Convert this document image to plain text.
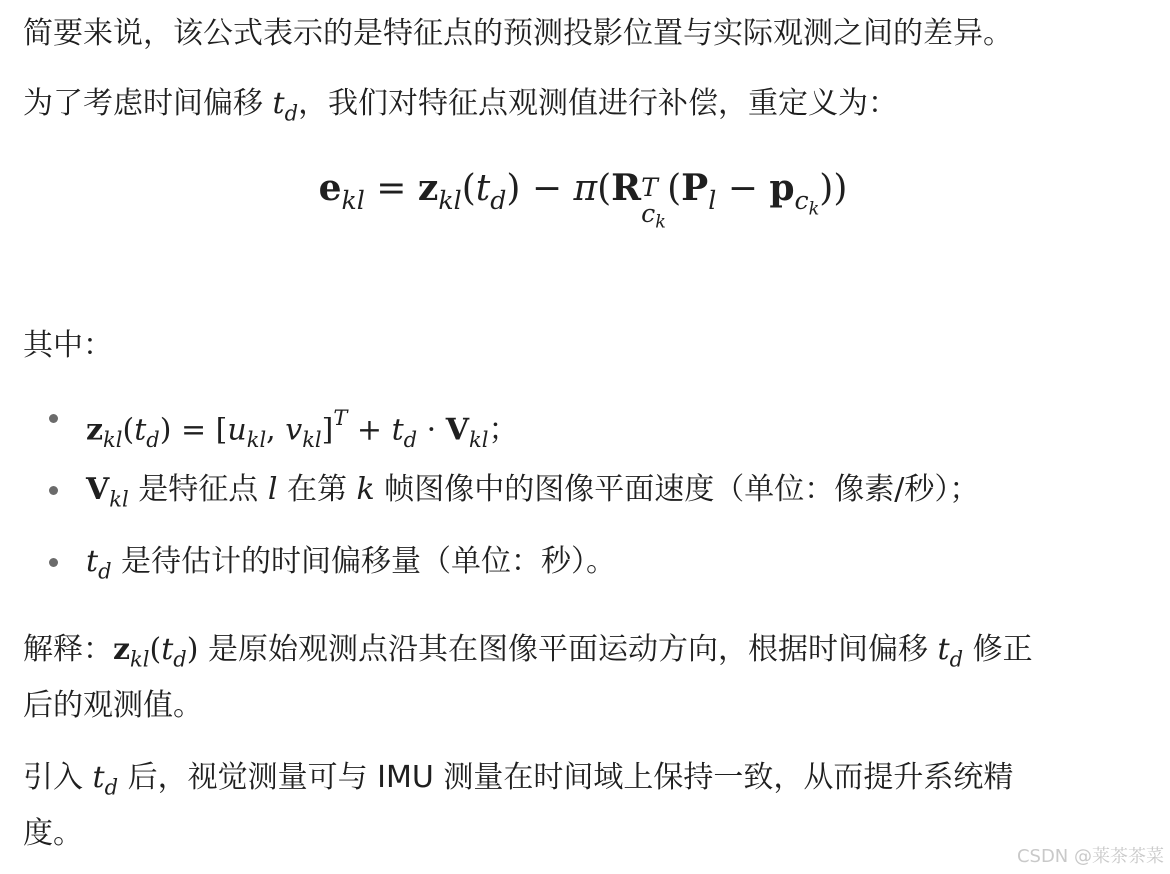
简要来说，该公式表示的是特征点的预测投影位置与实际观测之间的差异。
为了考虑时间偏移 $t_d$，我们对特征点观测值进行补偿，重定义为：
$e_{kl} = z_{kl}(t_d) - \pi(R$ T
$c_k$
$(P_l - p_{c_k})$)
其中：
$z_{kl}(t_d) = [u_{kl}$, $v_{kl}]^T + t_d \cdot V_{kl}$；
$V_{kl}$ 是特征点 l 在第 k 帧图像中的图像平面速度（单位：像素/秒）；
$t_d$ 是待估计的时间偏移量（单位：秒）。
解释：$z_{kl}(t_d)$ 是原始观测点沿其在图像平面运动方向，根据时间偏移 $t_d$ 修正
后的观测值。
引入 $t_d$ 后，视觉测量可与 IMU 测量在时间域上保持一致，从而提升系统精
度。
CSDN @莱茶茶菜
